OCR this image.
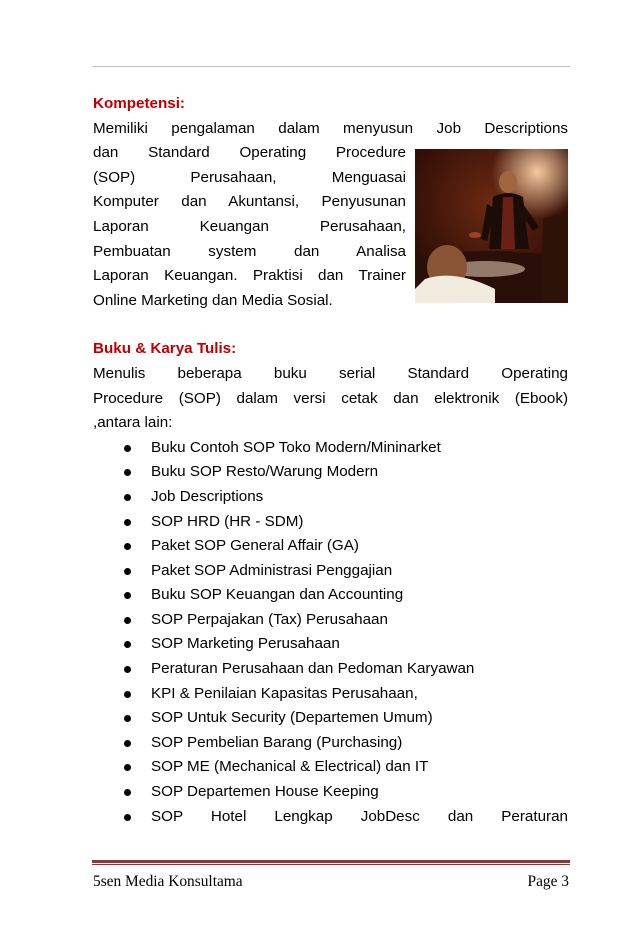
Kompetensi:
Memiliki pengalaman dalam menyusun Job Descriptions
dan Standard Operating Procedure
(SOP) Perusahaan, Menguasai
Komputer dan Akuntansi, Penyusunan
Laporan Keuangan Perusahaan,
Pembuatan system dan Analisa
Laporan Keuangan. Praktisi dan Trainer
Online Marketing dan Media Sosial.
Buku & Karya Tulis:
Menulis beberapa buku serial Standard Operating
Procedure (SOP) dalam versi cetak dan elektronik (Ebook)
,antara lain:
Buku Contoh SOP Toko Modern/Mininarket
Buku SOP Resto/Warung Modern
Job Descriptions
SOP HRD (HR - SDM)
Paket SOP General Affair (GA)
Paket SOP Administrasi Penggajian
Buku SOP Keuangan dan Accounting
SOP Perpajakan (Tax) Perusahaan
SOP Marketing Perusahaan
Peraturan Perusahaan dan Pedoman Karyawan
KPI & Penilaian Kapasitas Perusahaan,
SOP Untuk Security (Departemen Umum)
SOP Pembelian Barang (Purchasing)
SOP ME (Mechanical & Electrical) dan IT
SOP Departemen House Keeping
SOP Hotel Lengkap JobDesc dan Peraturan
5sen Media Konsultama	Page 3
